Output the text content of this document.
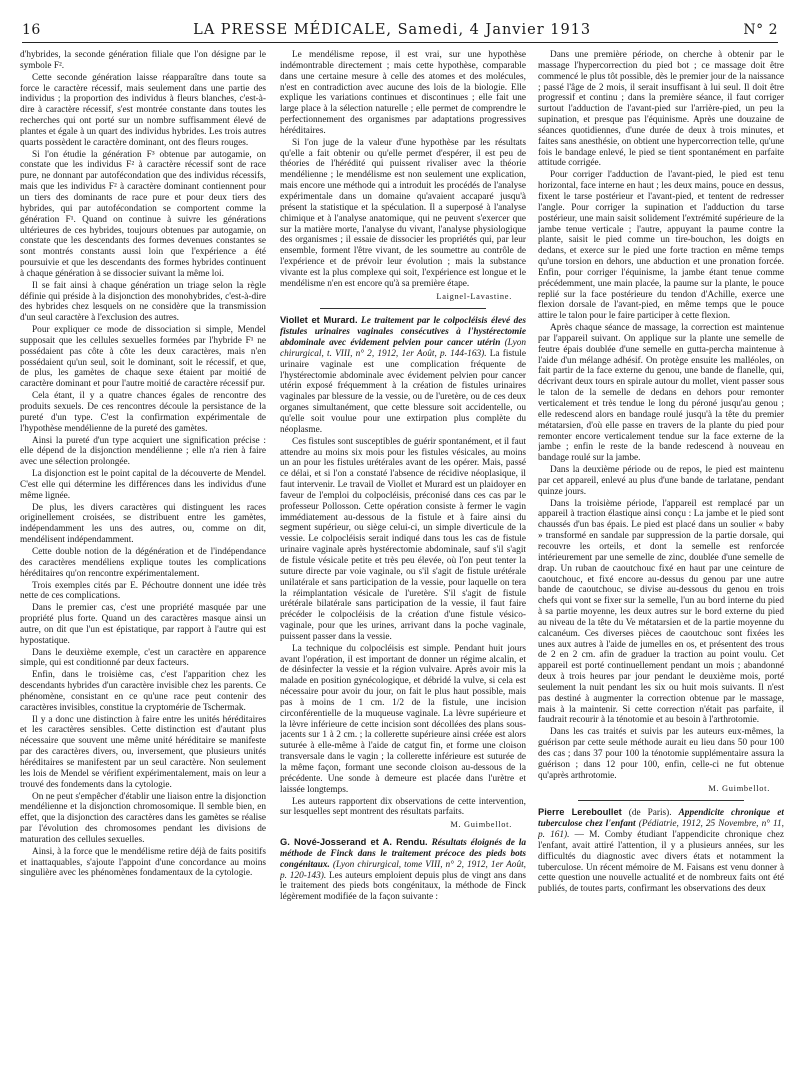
16	LA PRESSE MÉDICALE, Samedi, 4 Janvier 1913	N° 2

d'hybrides, la seconde génération filiale que l'on désigne par le symbole F².

Cette seconde génération laisse réapparaître dans toute sa force le caractère récessif, mais seulement dans une partie des individus ; la proportion des individus à fleurs blanches, c'est-à-dire à caractère récessif, s'est montrée constante dans toutes les recherches qui ont porté sur un nombre suffisamment élevé de plantes et égale à un quart des individus hybrides. Les trois autres quarts possèdent le caractère dominant, ont des fleurs rouges.

Si l'on étudie la génération F³ obtenue par autogamie, on constate que les individus F² à caractère récessif sont de race pure, ne donnant par autofécondation que des individus récessifs, mais que les individus F² à caractère dominant contiennent pour un tiers des dominants de race pure et pour deux tiers des hybrides, qui par autofécondation se comportent comme la génération F¹. Quand on continue à suivre les générations ultérieures de ces hybrides, toujours obtenues par autogamie, on constate que les descendants des formes devenues constantes se sont montrés constants aussi loin que l'expérience a été poursuivie et que les descendants des formes hybrides continuent à chaque génération à se dissocier suivant la même loi.

Il se fait ainsi à chaque génération un triage selon la règle définie qui préside à la disjonction des monohybrides, c'est-à-dire des hybrides chez lesquels on ne considère que la transmission d'un seul caractère à l'exclusion des autres.

Pour expliquer ce mode de dissociation si simple, Mendel supposait que les cellules sexuelles formées par l'hybride F¹ ne possédaient pas côte à côte les deux caractères, mais n'en possédaient qu'un seul, soit le dominant, soit le récessif, et que, de plus, les gamètes de chaque sexe étaient par moitié de caractère dominant et pour l'autre moitié de caractère récessif pur.

Cela étant, il y a quatre chances égales de rencontre des produits sexuels. De ces rencontres découle la persistance de la pureté d'un type. C'est la confirmation expérimentale de l'hypothèse mendélienne de la pureté des gamètes.

Ainsi la pureté d'un type acquiert une signification précise : elle dépend de la disjonction mendélienne ; elle n'a rien à faire avec une sélection prolongée.

La disjonction est le point capital de la découverte de Mendel. C'est elle qui détermine les différences dans les individus d'une même lignée.

De plus, les divers caractères qui distinguent les races originellement croisées, se distribuent entre les gamètes, indépendamment les uns des autres, ou, comme on dit, mendélisent indépendamment.

Cette double notion de la dégénération et de l'indépendance des caractères mendéliens explique toutes les complications héréditaires qu'on rencontre expérimentalement.

Trois exemples cités par E. Péchoutre donnent une idée très nette de ces complications.

Dans le premier cas, c'est une propriété masquée par une propriété plus forte. Quand un des caractères masque ainsi un autre, on dit que l'un est épistatique, par rapport à l'autre qui est hypostatique.

Dans le deuxième exemple, c'est un caractère en apparence simple, qui est conditionné par deux facteurs.

Enfin, dans le troisième cas, c'est l'apparition chez les descendants hybrides d'un caractère invisible chez les parents. Ce phénomène, consistant en ce qu'une race peut contenir des caractères invisibles, constitue la cryptomérie de Tschermak.

Il y a donc une distinction à faire entre les unités héréditaires et les caractères sensibles. Cette distinction est d'autant plus nécessaire que souvent une même unité héréditaire se manifeste par des caractères divers, ou, inversement, que plusieurs unités héréditaires se manifestent par un seul caractère. Non seulement les lois de Mendel se vérifient expérimentalement, mais on leur a trouvé des fondements dans la cytologie.

On ne peut s'empêcher d'établir une liaison entre la disjonction mendélienne et la disjonction chromosomique. Il semble bien, en effet, que la disjonction des caractères dans les gamètes se réalise par l'évolution des chromosomes pendant les divisions de maturation des cellules sexuelles.

Ainsi, à la force que le mendélisme retire déjà de faits positifs et inattaquables, s'ajoute l'appoint d'une concordance au moins singulière avec les phénomènes fondamentaux de la cytologie.

Le mendélisme repose, il est vrai, sur une hypothèse indémontrable directement ; mais cette hypothèse, comparable dans une certaine mesure à celle des atomes et des molécules, n'est en contradiction avec aucune des lois de la biologie. Elle explique les variations continues et discontinues ; elle fait une large place à la sélection naturelle ; elle permet de comprendre le perfectionnement des organismes par adaptations progressives héréditaires.

Si l'on juge de la valeur d'une hypothèse par les résultats qu'elle a fait obtenir ou qu'elle permet d'espérer, il est peu de théories de l'hérédité qui puissent rivaliser avec la théorie mendélienne ; le mendélisme est non seulement une explication, mais encore une méthode qui a introduit les procédés de l'analyse expérimentale dans un domaine qu'avaient accaparé jusqu'à présent la statistique et la spéculation. Il a superposé à l'analyse chimique et à l'analyse anatomique, qui ne peuvent s'exercer que sur la matière morte, l'analyse du vivant, l'analyse physiologique des organismes ; il essaie de dissocier les propriétés qui, par leur ensemble, forment l'être vivant, de les soumettre au contrôle de l'expérience et de prévoir leur évolution ; mais la substance vivante est la plus complexe qui soit, l'expérience est longue et le mendélisme n'en est encore qu'à sa première étape.

Laignel-Lavastine.

Viollet et Murard. Le traitement par le colpocléisis élevé des fistules urinaires vaginales consécutives à l'hystérectomie abdominale avec évidement pelvien pour cancer utérin (Lyon chirurgical, t. VIII, n° 2, 1912, 1er Août, p. 144-163). La fistule urinaire vaginale est une complication fréquente de l'hystérectomie abdominale avec évidement pelvien pour cancer utérin exposé fréquemment à la création de fistules urinaires vaginales par blessure de la vessie, ou de l'uretère, ou de ces deux organes simultanément, que cette blessure soit accidentelle, ou qu'elle soit voulue pour une extirpation plus complète du néoplasme.

Ces fistules sont susceptibles de guérir spontanément, et il faut attendre au moins six mois pour les fistules vésicales, au moins un an pour les fistules urétérales avant de les opérer. Mais, passé ce délai, et si l'on a constaté l'absence de récidive néoplasique, il faut intervenir. Le travail de Viollet et Murard est un plaidoyer en faveur de l'emploi du colpocléisis, préconisé dans ces cas par le professeur Pollosson. Cette opération consiste à fermer le vagin immédiatement au-dessous de la fistule et à faire ainsi du segment supérieur, ou siège celui-ci, un simple diverticule de la vessie. Le colpocléisis serait indiqué dans tous les cas de fistule urinaire vaginale après hystérectomie abdominale, sauf s'il s'agit de fistule vésicale petite et très peu élevée, où l'on peut tenter la suture directe par voie vaginale, ou s'il s'agit de fistule urétérale unilatérale et sans participation de la vessie, pour laquelle on tera la réimplantation vésicale de l'uretère. S'il s'agit de fistule urétérale bilatérale sans participation de la vessie, il faut faire précéder le colpocléisis de la création d'une fistule vésico-vaginale, pour que les urines, arrivant dans la poche vaginale, puissent passer dans la vessie.

La technique du colpocléisis est simple. Pendant huit jours avant l'opération, il est important de donner un régime alcalin, et de désinfecter la vessie et la région vulvaire. Après avoir mis la malade en position gynécologique, et débridé la vulve, si cela est nécessaire pour avoir du jour, on fait le plus haut possible, mais pas à moins de 1 cm. 1/2 de la fistule, une incision circonférentielle de la muqueuse vaginale. La lèvre supérieure et la lèvre inférieure de cette incision sont décollées des plans sous-jacents sur 1 à 2 cm. ; la collerette supérieure ainsi créée est alors suturée à elle-même à l'aide de catgut fin, et forme une cloison transversale dans le vagin ; la collerette inférieure est suturée de la même façon, formant une seconde cloison au-dessous de la précédente. Une sonde à demeure est placée dans l'urètre et laissée longtemps.

Les auteurs rapportent dix observations de cette intervention, sur lesquelles sept montrent des résultats parfaits.

M. Guimbellot.

G. Nové-Josserand et A. Rendu. Résultats éloignés de la méthode de Finck dans le traitement précoce des pieds bots congénitaux. (Lyon chirurgical, tome VIII, n° 2, 1912, 1er Août, p. 120-143). Les auteurs emploient depuis plus de vingt ans dans le traitement des pieds bots congénitaux, la méthode de Finck légèrement modifiée de la façon suivante :

Dans une première période, on cherche à obtenir par le massage l'hypercorrection du pied bot ; ce massage doit être commencé le plus tôt possible, dès le premier jour de la naissance ; passé l'âge de 2 mois, il serait insuffisant à lui seul. Il doit être progressif et continu ; dans la première séance, il faut corriger surtout l'adduction de l'avant-pied sur l'arrière-pied, un peu la supination, et presque pas l'équinisme. Après une douzaine de séances quotidiennes, d'une durée de deux à trois minutes, et faites sans anesthésie, on obtient une hypercorrection telle, qu'une fois le bandage enlevé, le pied se tient spontanément en parfaite attitude corrigée.

Pour corriger l'adduction de l'avant-pied, le pied est tenu horizontal, face interne en haut ; les deux mains, pouce en dessus, fixent le tarse postérieur et l'avant-pied, et tentent de redresser l'angle. Pour corriger la supination et l'adduction du tarse postérieur, une main saisit solidement l'extrémité supérieure de la jambe tenue verticale ; l'autre, appuyant la paume contre la plante, saisit le pied comme un tire-bouchon, les doigts en dedans, et exerce sur le pied une forte traction en même temps qu'une torsion en dehors, une abduction et une pronation forcée. Enfin, pour corriger l'équinisme, la jambe étant tenue comme précédemment, une main placée, la paume sur la plante, le pouce replié sur la face postérieure du tendon d'Achille, exerce une flexion dorsale de l'avant-pied, en même temps que le pouce attire le talon pour le faire participer à cette flexion.

Après chaque séance de massage, la correction est maintenue par l'appareil suivant. On applique sur la plante une semelle de feutre épais doublée d'une semelle en gutta-percha maintenue à l'aide d'un mélange adhésif. On protège ensuite les malléoles, on fait partir de la face externe du genou, une bande de flanelle, qui, décrivant deux tours en spirale autour du mollet, vient passer sous le talon de la semelle de dedans en dehors pour remonter verticalement et très tendue le long du péroné jusqu'au genou ; elle redescend alors en bandage roulé jusqu'à la tête du premier métatarsien, d'où elle passe en travers de la plante du pied pour remonter encore verticalement tendue sur la face externe de la jambe ; enfin le reste de la bande redescend à nouveau en bandage roulé sur la jambe.

Dans la deuxième période ou de repos, le pied est maintenu par cet appareil, enlevé au plus d'une bande de tarlatane, pendant quinze jours.

Dans la troisième période, l'appareil est remplacé par un appareil à traction élastique ainsi conçu : La jambe et le pied sont chaussés d'un bas épais. Le pied est placé dans un soulier « baby » transformé en sandale par suppression de la partie dorsale, qui recouvre les orteils, et dont la semelle est renforcée intérieurement par une semelle de zinc, doublée d'une semelle de drap. Un ruban de caoutchouc fixé en haut par une ceinture de caoutchouc, et fixé encore au-dessus du genou par une autre bande de caoutchouc, se divise au-dessous du genou en trois chefs qui vont se fixer sur la semelle, l'un au bord interne du pied à sa partie moyenne, les deux autres sur le bord externe du pied au niveau de la tête du Ve métatarsien et de la partie moyenne du calcanéum. Ces diverses pièces de caoutchouc sont fixées les unes aux autres à l'aide de jumelles en os, et présentent des trous de 2 en 2 cm. afin de graduer la traction au point voulu. Cet appareil est porté continuellement pendant un mois ; abandonné deux à trois heures par jour pendant le deuxième mois, porté seulement la nuit pendant les six ou huit mois suivants. Il n'est pas destiné à augmenter la correction obtenue par le massage, mais à la maintenir. Si cette correction n'était pas parfaite, il faudrait recourir à la ténotomie et au besoin à l'arthrotomie.

Dans les cas traités et suivis par les auteurs eux-mêmes, la guérison par cette seule méthode aurait eu lieu dans 50 pour 100 des cas ; dans 37 pour 100 la ténotomie supplémentaire assura la guérison ; dans 12 pour 100, enfin, celle-ci ne fut obtenue qu'après arthrotomie.

M. Guimbellot.

Pierre Lereboullet (de Paris). Appendicite chronique et tuberculose chez l'enfant (Pédiatrie, 1912, 25 Novembre, n° 11, p. 161). — M. Comby étudiant l'appendicite chronique chez l'enfant, avait attiré l'attention, il y a plusieurs années, sur les difficultés du diagnostic avec divers états et notamment la tuberculose. Un récent mémoire de M. Faisans est venu donner à cette question une nouvelle actualité et de nombreux faits ont été publiés, de toutes parts, confirmant les observations des deux
